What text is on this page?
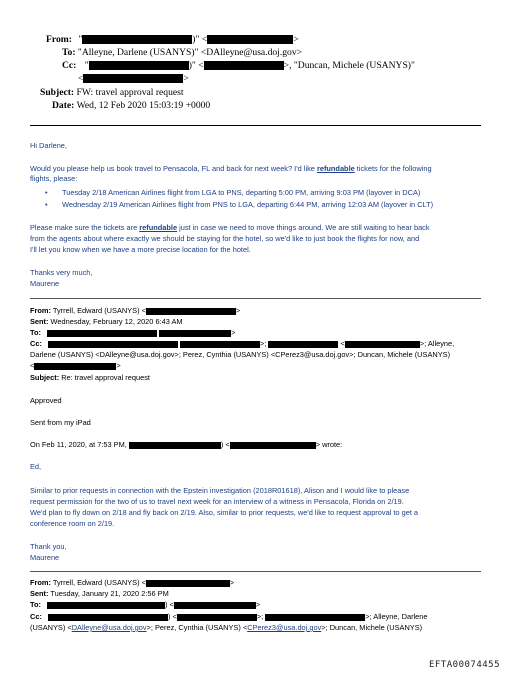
From: "	)" <	>
To: "Alleyne, Darlene (USANYS)" <DAlleyne@usa.doj.gov>
Cc: "	)" <	>, "Duncan, Michele (USANYS)"
<	>
Subject: FW: travel approval request
Date: Wed, 12 Feb 2020 15:03:19 +0000
Hi Darlene,
Would you please help us book travel to Pensacola, FL and back for next week? I'd like refundable tickets for the following
flights, please:
• Tuesday 2/18 American Airlines flight from LGA to PNS, departing 5:00 PM, arriving 9:03 PM (layover in DCA)
• Wednesday 2/19 American Airlines flight from PNS to LGA, departing 6:44 PM, arriving 12:03 AM (layover in CLT)
Please make sure the tickets are refundable just in case we need to move things around. We are still waiting to hear back
from the agents about where exactly we should be staying for the hotel, so we'd like to just book the flights for now, and
I'll let you know when we have a more precise location for the hotel.
Thanks very much,
Maurene
From: Tyrrell, Edward (USANYS) <	>
Sent: Wednesday, February 12, 2020 6:43 AM
To:	>
Cc:	>;	<	>; Alleyne,
Darlene (USANYS) <DAlleyne@usa.doj.gov>; Perez, Cynthia (USANYS) <CPerez3@usa.doj.gov>; Duncan, Michele (USANYS)
<	>
Subject: Re: travel approval request
Approved
Sent from my iPad
On Feb 11, 2020, at 7:53 PM,	) <	> wrote:
Ed,
Similar to prior requests in connection with the Epstein investigation (2018R01618), Alison and I would like to please
request permission for the two of us to travel next week for an interview of a witness in Pensacola, Florida on 2/19.
We'd plan to fly down on 2/18 and fly back on 2/19. Also, similar to prior requests, we'd like to request approval to get a
conference room on 2/19.
Thank you,
Maurene
From: Tyrrell, Edward (USANYS) <	>
Sent: Tuesday, January 21, 2020 2:56 PM
To:	) <	>
Cc:	) <	>;	>; Alleyne, Darlene
(USANYS) <DAlleyne@usa.doj.gov>; Perez, Cynthia (USANYS) <CPerez3@usa.doj.gov>; Duncan, Michele (USANYS)
EFTA00074455
